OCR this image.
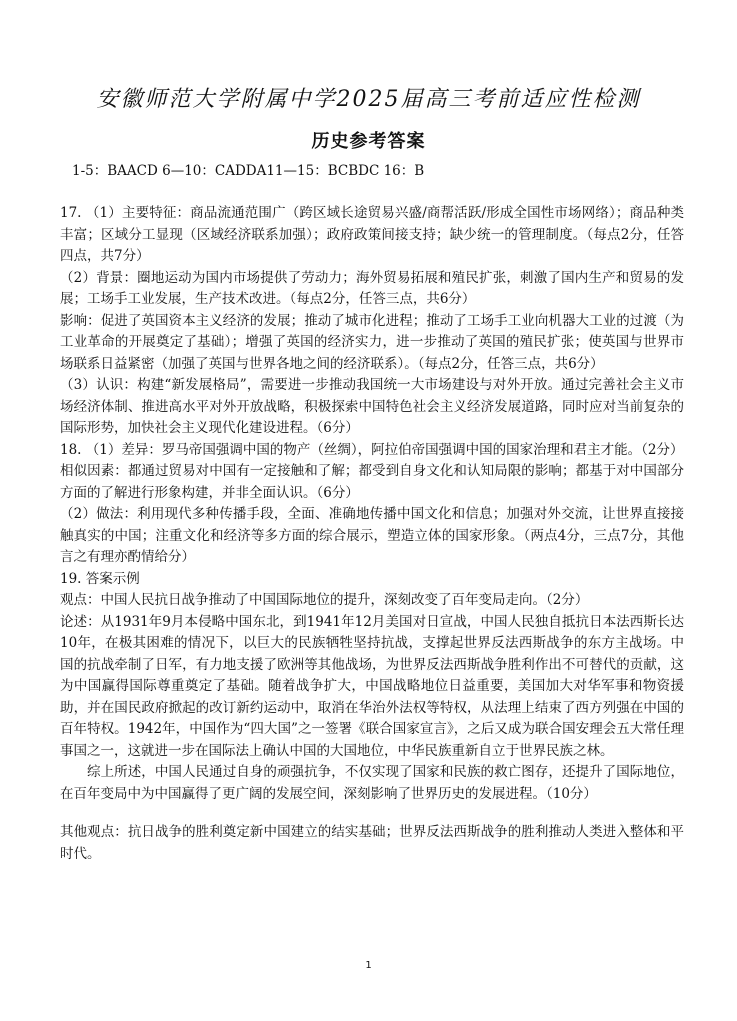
安徽师范大学附属中学2025届高三考前适应性检测
历史参考答案
1-5：BAACD 6—10：CADDA11—15：BCBDC 16：B

17. （1）主要特征：商品流通范围广（跨区域长途贸易兴盛/商帮活跃/形成全国性市场网络）；商品种类丰富；区域分工显现（区域经济联系加强）；政府政策间接支持；缺少统一的管理制度。（每点2分，任答四点，共7分）

（2）背景：圈地运动为国内市场提供了劳动力；海外贸易拓展和殖民扩张，刺激了国内生产和贸易的发展；工场手工业发展，生产技术改进。（每点2分，任答三点，共6分）

影响：促进了英国资本主义经济的发展；推动了城市化进程；推动了工场手工业向机器大工业的过渡（为工业革命的开展奠定了基础）；增强了英国的经济实力，进一步推动了英国的殖民扩张；使英国与世界市场联系日益紧密（加强了英国与世界各地之间的经济联系）。（每点2分，任答三点，共6分）

（3）认识：构建“新发展格局”，需要进一步推动我国统一大市场建设与对外开放。通过完善社会主义市场经济体制、推进高水平对外开放战略，积极探索中国特色社会主义经济发展道路，同时应对当前复杂的国际形势，加快社会主义现代化建设进程。（6分）

18. （1）差异：罗马帝国强调中国的物产（丝绸），阿拉伯帝国强调中国的国家治理和君主才能。（2分）

相似因素：都通过贸易对中国有一定接触和了解；都受到自身文化和认知局限的影响；都基于对中国部分方面的了解进行形象构建，并非全面认识。（6分）

（2）做法：利用现代多种传播手段，全面、准确地传播中国文化和信息；加强对外交流，让世界直接接触真实的中国；注重文化和经济等多方面的综合展示，塑造立体的国家形象。（两点4分，三点7分，其他言之有理亦酌情给分）

19. 答案示例

观点：中国人民抗日战争推动了中国国际地位的提升，深刻改变了百年变局走向。（2分）

论述：从1931年9月本侵略中国东北，到1941年12月美国对日宣战，中国人民独自抵抗日本法西斯长达10年，在极其困难的情况下，以巨大的民族牺牲坚持抗战，支撑起世界反法西斯战争的东方主战场。中国的抗战牵制了日军，有力地支援了欧洲等其他战场，为世界反法西斯战争胜利作出不可替代的贡献，这为中国赢得国际尊重奠定了基础。随着战争扩大，中国战略地位日益重要，美国加大对华军事和物资援助，并在国民政府掀起的改订新约运动中，取消在华治外法权等特权，从法理上结束了西方列强在中国的百年特权。1942年，中国作为“四大国”之一签署《联合国家宣言》，之后又成为联合国安理会五大常任理事国之一，这就进一步在国际法上确认中国的大国地位，中华民族重新自立于世界民族之林。

综上所述，中国人民通过自身的顽强抗争，不仅实现了国家和民族的救亡图存，还提升了国际地位，在百年变局中为中国赢得了更广阔的发展空间，深刻影响了世界历史的发展进程。（10分）

其他观点：抗日战争的胜利奠定新中国建立的结实基础；世界反法西斯战争的胜利推动人类进入整体和平时代。

1
